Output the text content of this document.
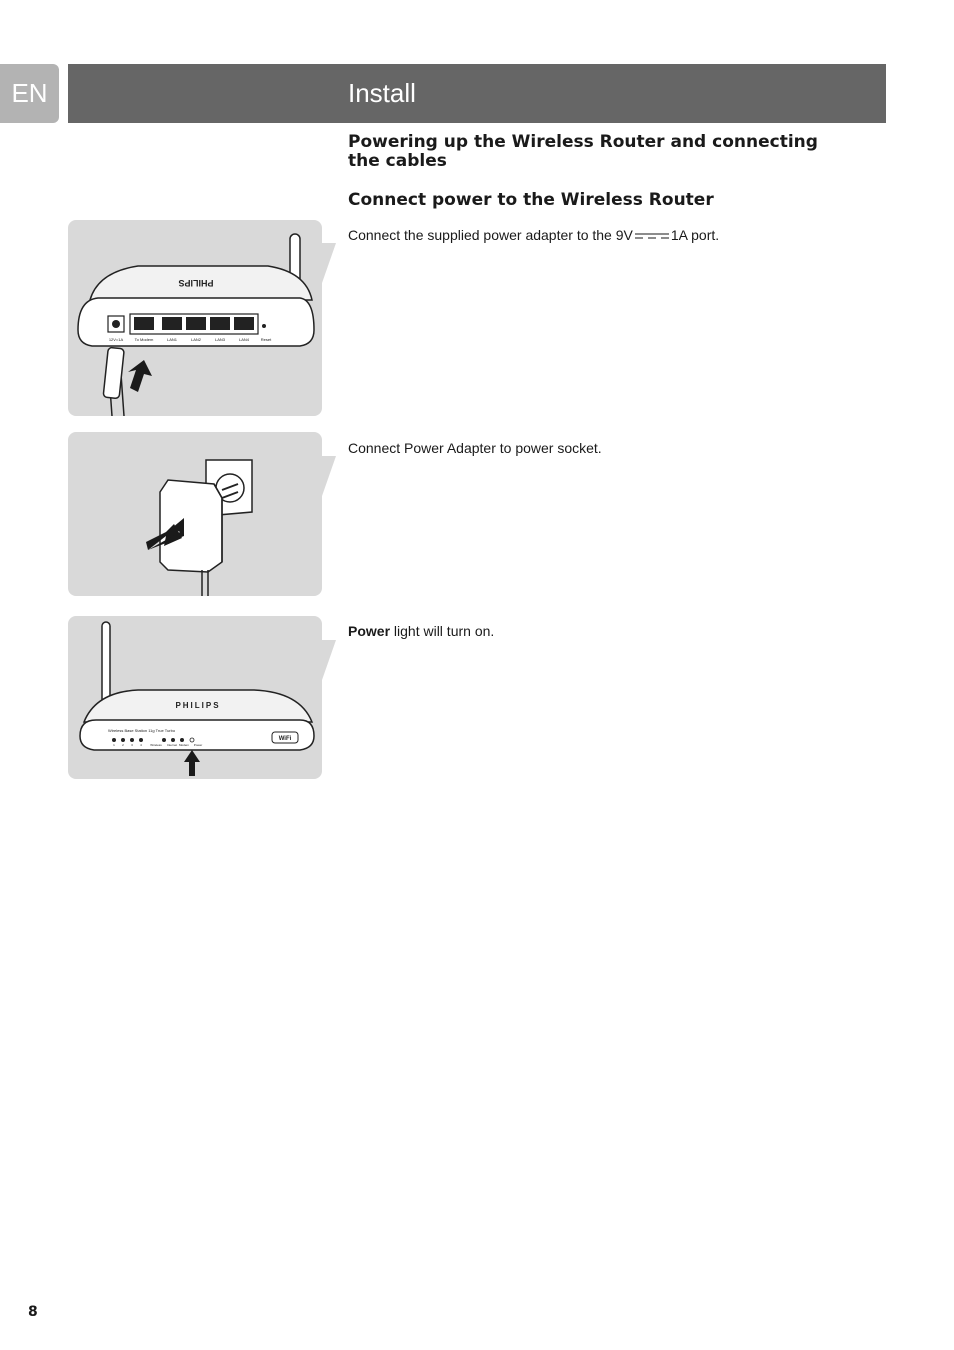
EN	Install
Powering up the Wireless Router and connecting the cables
Connect power to the Wireless Router
PHILIPS
12V=1A	To Modem	LAN1	LAN2	LAN3	LAN4	Reset
Connect the supplied power adapter to the 9V	1A port.
Connect Power Adapter to power socket.
PHILIPS
Wireless Base Station 11g True Turbo
1 2 3 4	Wireless Internet Modem Power
WiFi
Power light will turn on.
8
